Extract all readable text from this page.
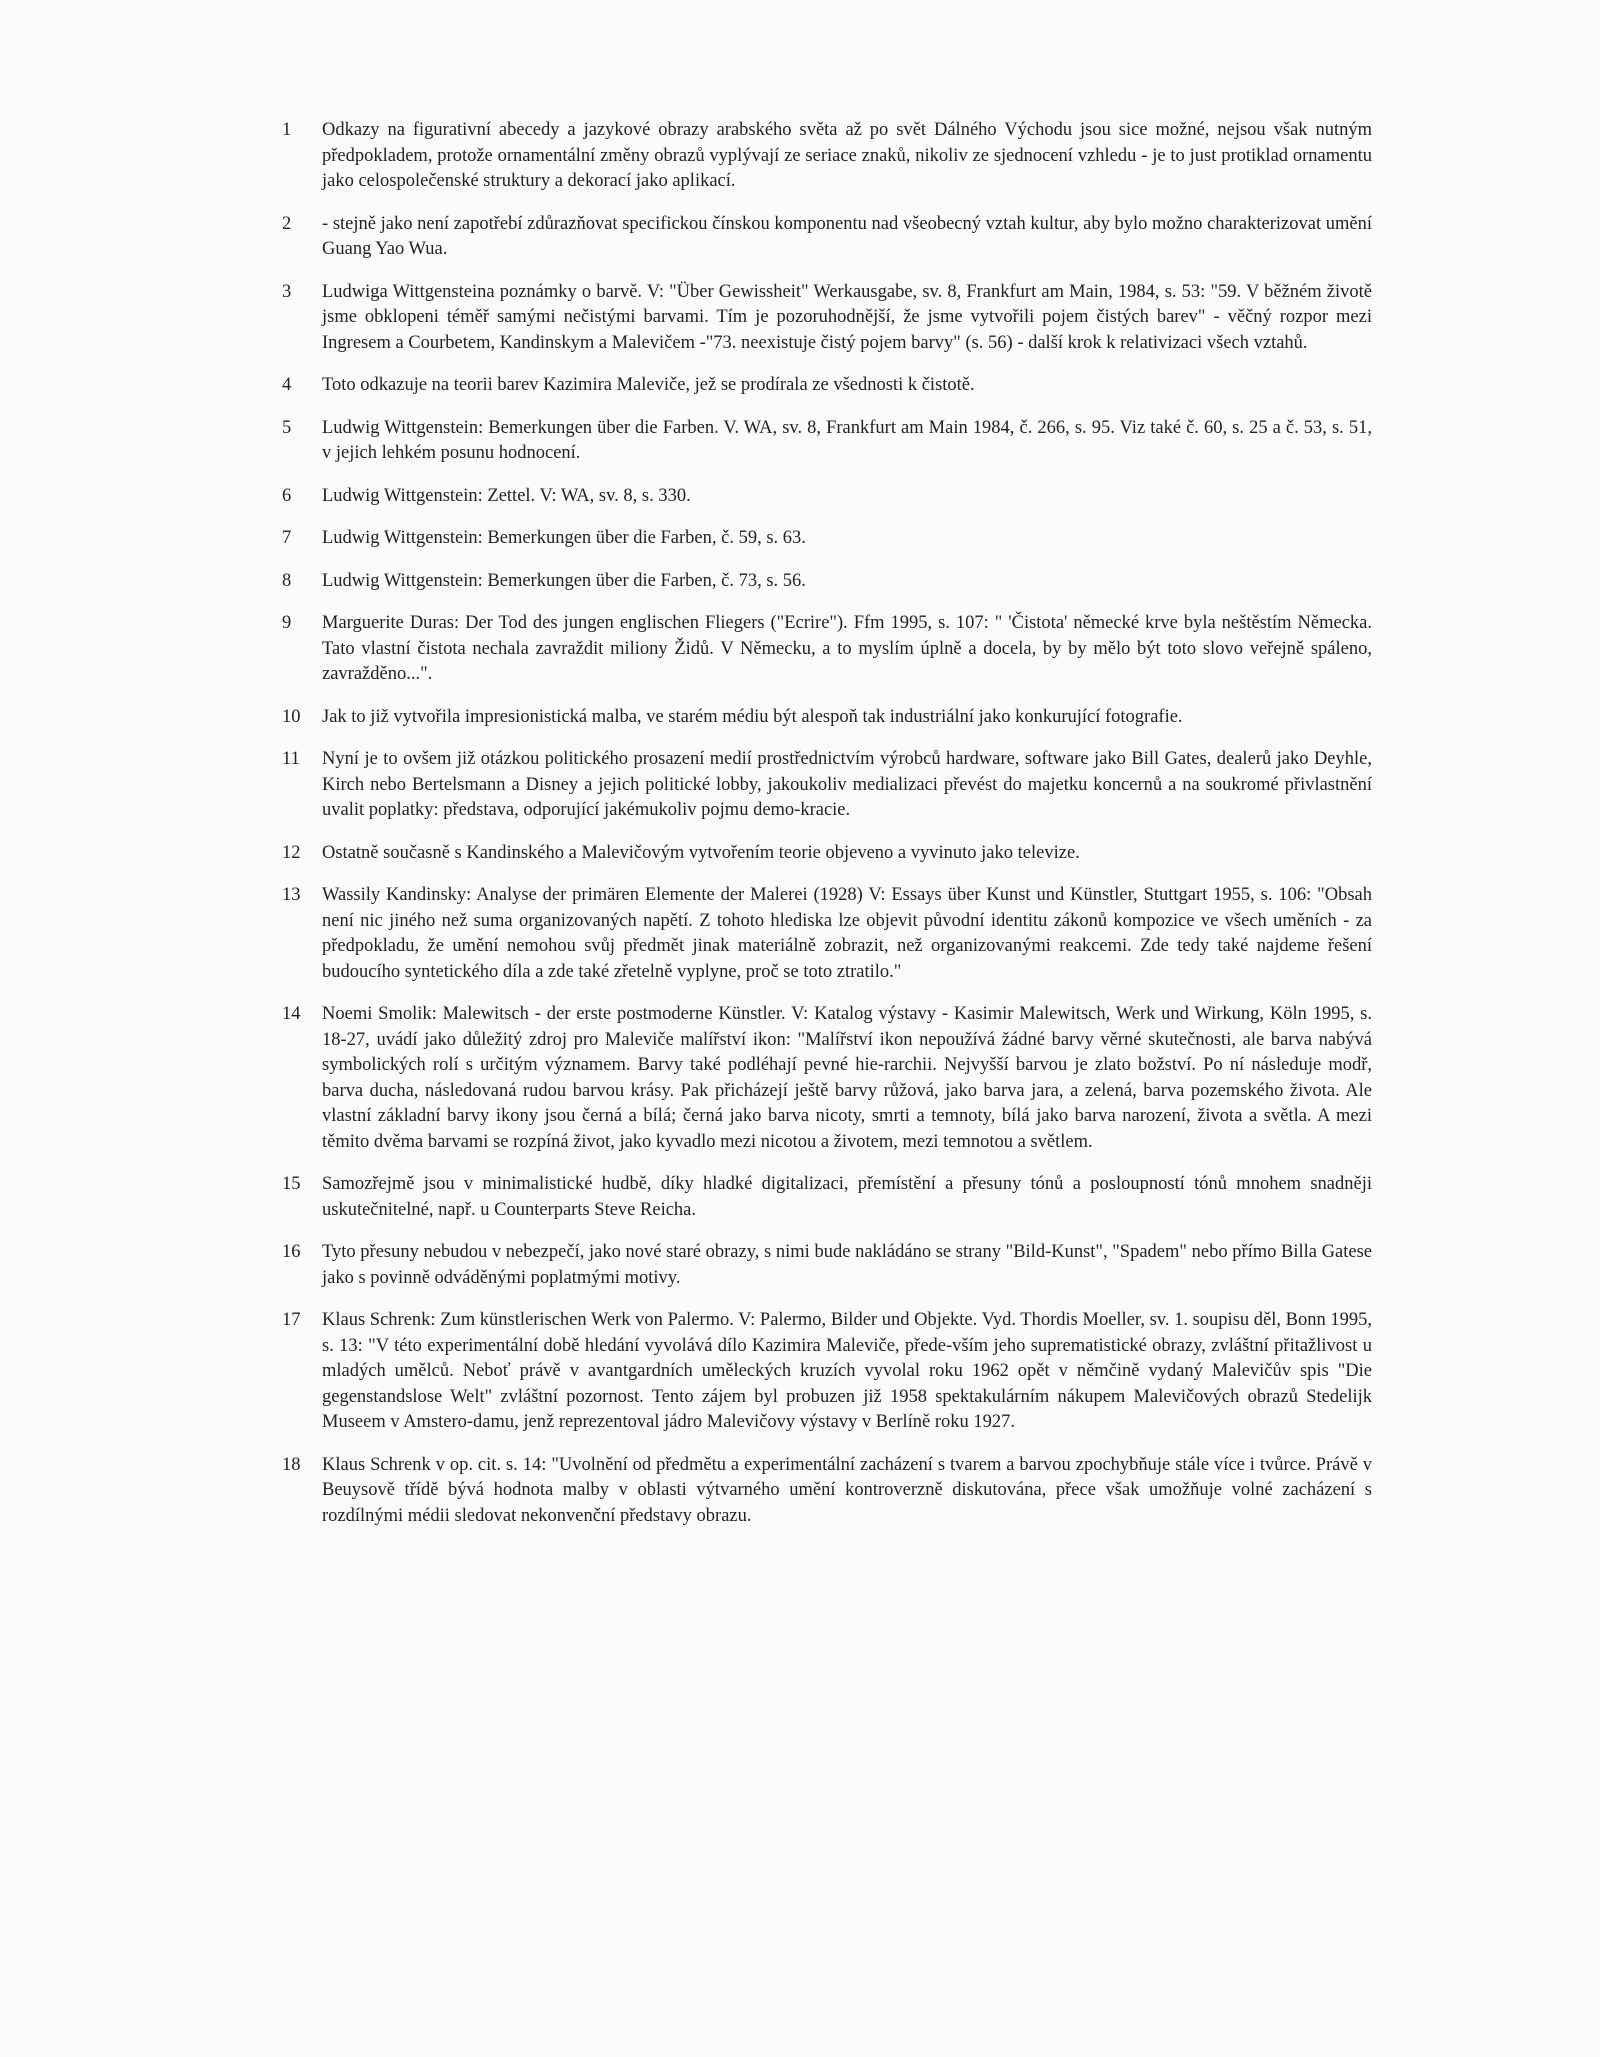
1	Odkazy na figurativní abecedy a jazykové obrazy arabského světa až po svět Dálného Východu jsou sice možné, nejsou však nutným předpokladem, protože ornamentální změny obrazů vyplývají ze seriace znaků, nikoliv ze sjednocení vzhledu - je to just protiklad ornamentu jako celospolečenské struktury a dekorací jako aplikací.
2	- stejně jako není zapotřebí zdůrazňovat specifickou čínskou komponentu nad všeobecný vztah kultur, aby bylo možno charakterizovat umění Guang Yao Wua.
3	Ludwiga Wittgensteina poznámky o barvě. V: "Über Gewissheit" Werkausgabe, sv. 8, Frankfurt am Main, 1984, s. 53: "59. V běžném životě jsme obklopeni téměř samými nečistými barvami. Tím je pozoruhodnější, že jsme vytvořili pojem čistých barev" - věčný rozpor mezi Ingresem a Courbetem, Kandinskym a Malevičem -"73. neexistuje čistý pojem barvy" (s. 56) - další krok k relativizaci všech vztahů.
4	Toto odkazuje na teorii barev Kazimira Maleviče, jež se prodírala ze všednosti k čistotě.
5	Ludwig Wittgenstein: Bemerkungen über die Farben. V. WA, sv. 8, Frankfurt am Main 1984, č. 266, s. 95. Viz také č. 60, s. 25 a č. 53, s. 51, v jejich lehkém posunu hodnocení.
6	Ludwig Wittgenstein: Zettel. V: WA, sv. 8, s. 330.
7	Ludwig Wittgenstein: Bemerkungen über die Farben, č. 59, s. 63.
8	Ludwig Wittgenstein: Bemerkungen über die Farben, č. 73, s. 56.
9	Marguerite Duras: Der Tod des jungen englischen Fliegers ("Ecrire"). Ffm 1995, s. 107: " 'Čistota' německé krve byla neštěstím Německa. Tato vlastní čistota nechala zavraždit miliony Židů. V Německu, a to myslím úplně a docela, by by mělo být toto slovo veřejně spáleno, zavražděno...".
10	Jak to již vytvořila impresionistická malba, ve starém médiu být alespoň tak industriální jako konkurující fotografie.
11	Nyní je to ovšem již otázkou politického prosazení medií prostřednictvím výrobců hardware, software jako Bill Gates, dealerů jako Deyhle, Kirch nebo Bertelsmann a Disney a jejich politické lobby, jakoukoliv medializaci převést do majetku koncernů a na soukromé přivlastnění uvalit poplatky: představa, odporující jakémukoliv pojmu demo-kracie.
12	Ostatně současně s Kandinského a Malevičovým vytvořením teorie objeveno a vyvinuto jako televize.
13	Wassily Kandinsky: Analyse der primären Elemente der Malerei (1928) V: Essays über Kunst und Künstler, Stuttgart 1955, s. 106: "Obsah není nic jiného než suma organizovaných napětí. Z tohoto hlediska lze objevit původní identitu zákonů kompozice ve všech uměních - za předpokladu, že umění nemohou svůj předmět jinak materiálně zobrazit, než organizovanými reakcemi. Zde tedy také najdeme řešení budoucího syntetického díla a zde také zřetelně vyplyne, proč se toto ztratilo."
14	Noemi Smolik: Malewitsch - der erste postmoderne Künstler. V: Katalog výstavy - Kasimir Malewitsch, Werk und Wirkung, Köln 1995, s. 18-27, uvádí jako důležitý zdroj pro Maleviče malířství ikon: "Malířství ikon nepoužívá žádné barvy věrné skutečnosti, ale barva nabývá symbolických rolí s určitým významem. Barvy také podléhají pevné hie-rarchii. Nejvyšší barvou je zlato božství. Po ní následuje modř, barva ducha, následovaná rudou barvou krásy. Pak přicházejí ještě barvy růžová, jako barva jara, a zelená, barva pozemského života. Ale vlastní základní barvy ikony jsou černá a bílá; černá jako barva nicoty, smrti a temnoty, bílá jako barva narození, života a světla. A mezi těmito dvěma barvami se rozpíná život, jako kyvadlo mezi nicotou a životem, mezi temnotou a světlem.
15	Samozřejmě jsou v minimalistické hudbě, díky hladké digitalizaci, přemístění a přesuny tónů a posloupností tónů mnohem snadněji uskutečnitelné, např. u Counterparts Steve Reicha.
16	Tyto přesuny nebudou v nebezpečí, jako nové staré obrazy, s nimi bude nakládáno se strany "Bild-Kunst", "Spadem" nebo přímo Billa Gatese jako s povinně odváděnými poplatmými motivy.
17	Klaus Schrenk: Zum künstlerischen Werk von Palermo. V: Palermo, Bilder und Objekte. Vyd. Thordis Moeller, sv. 1. soupisu děl, Bonn 1995, s. 13: "V této experimentální době hledání vyvolává dílo Kazimira Maleviče, přede-vším jeho suprematistické obrazy, zvláštní přitažlivost u mladých umělců. Neboť právě v avantgardních uměleckých kruzích vyvolal roku 1962 opět v němčině vydaný Malevičův spis "Die gegenstandslose Welt" zvláštní pozornost. Tento zájem byl probuzen již 1958 spektakulárním nákupem Malevičových obrazů Stedelijk Museem v Amstero-damu, jenž reprezentoval jádro Malevičovy výstavy v Berlíně roku 1927.
18	Klaus Schrenk v op. cit. s. 14: "Uvolnění od předmětu a experimentální zacházení s tvarem a barvou zpochybňuje stále více i tvůrce. Právě v Beuysově třídě bývá hodnota malby v oblasti výtvarného umění kontroverzně diskutována, přece však umožňuje volné zacházení s rozdílnými médii sledovat nekonvenční představy obrazu.
